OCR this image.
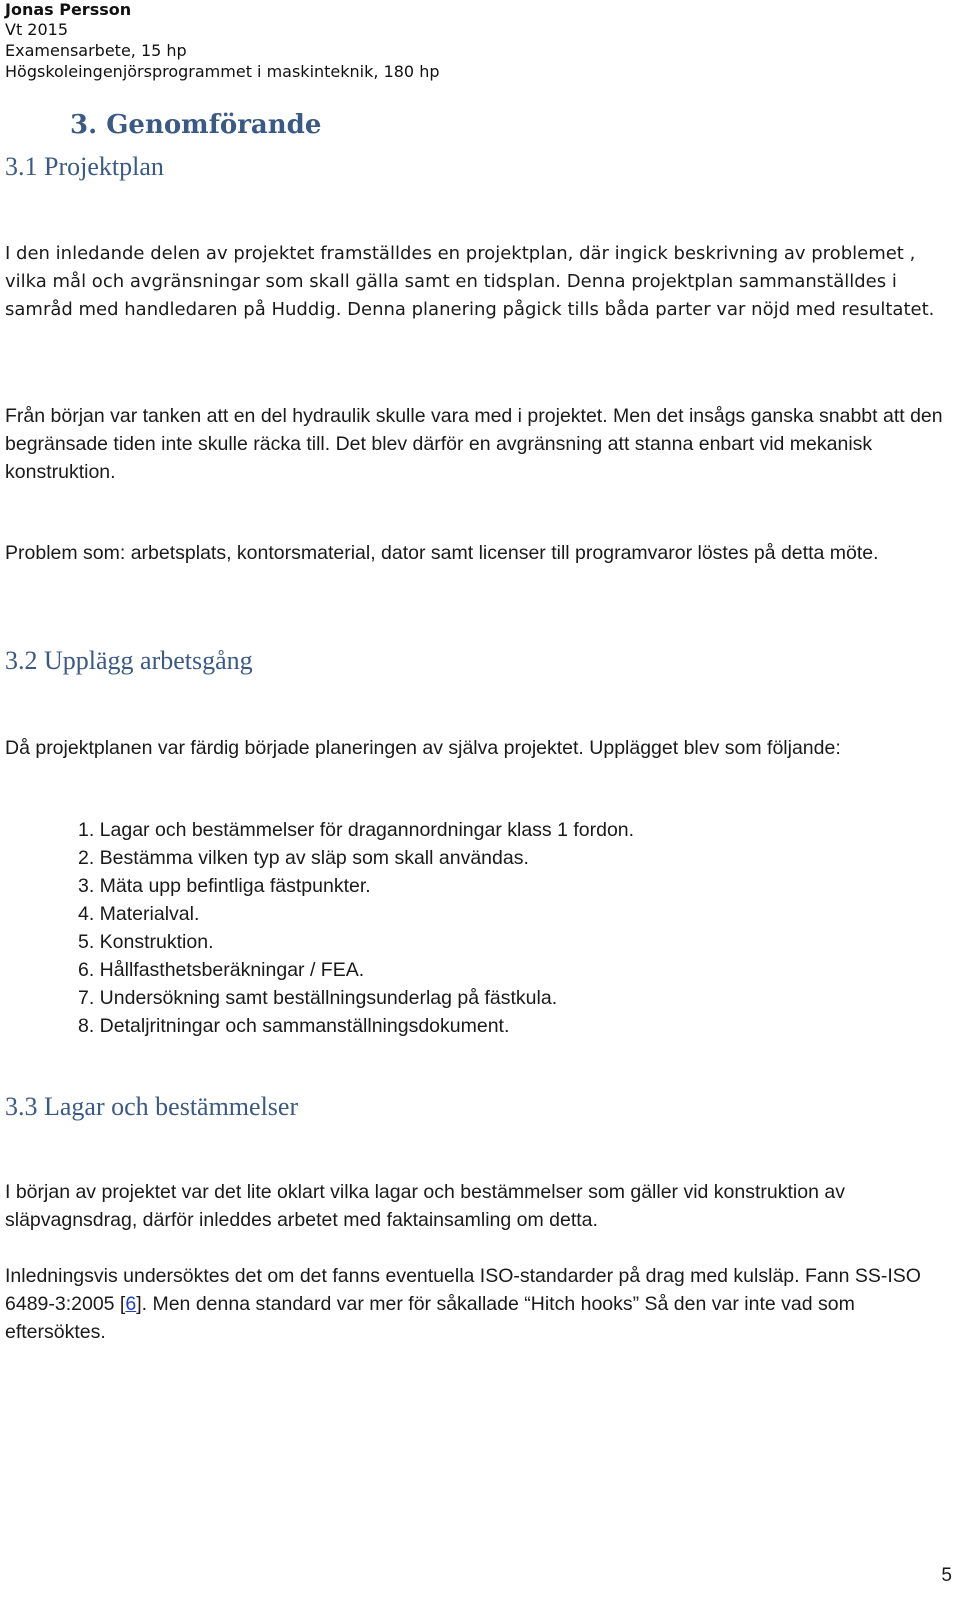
Jonas Persson
Vt 2015
Examensarbete, 15 hp
Högskoleingenjörsprogrammet i maskinteknik, 180 hp
3. Genomförande
3.1 Projektplan
I den inledande delen av projektet framställdes en projektplan, där ingick beskrivning av problemet , vilka mål och avgränsningar som skall gälla samt en tidsplan. Denna projektplan sammanställdes i samråd med handledaren på Huddig. Denna planering pågick tills båda parter var nöjd med resultatet.
Från början var tanken att en del hydraulik skulle vara med i projektet. Men det insågs ganska snabbt att den begränsade tiden inte skulle räcka till. Det blev därför en avgränsning att stanna enbart vid mekanisk konstruktion.
Problem som: arbetsplats, kontorsmaterial, dator samt licenser till programvaror löstes på detta möte.
3.2 Upplägg arbetsgång
Då projektplanen var färdig började planeringen av själva projektet. Upplägget blev som följande:
1. Lagar och bestämmelser för dragannordningar klass 1 fordon.
2. Bestämma vilken typ av släp som skall användas.
3. Mäta upp befintliga fästpunkter.
4. Materialval.
5. Konstruktion.
6. Hållfasthetsberäkningar / FEA.
7. Undersökning samt beställningsunderlag på fästkula.
8. Detaljritningar och sammanställningsdokument.
3.3 Lagar och bestämmelser
I början av projektet var det lite oklart vilka lagar och bestämmelser som gäller vid konstruktion av släpvagnsdrag, därför inleddes arbetet med faktainsamling om detta.
Inledningsvis undersöktes det om det fanns eventuella ISO-standarder på drag med kulsläp. Fann SS-ISO 6489-3:2005 [6]. Men denna standard var mer för såkallade “Hitch hooks” Så den var inte vad som eftersöktes.
5
